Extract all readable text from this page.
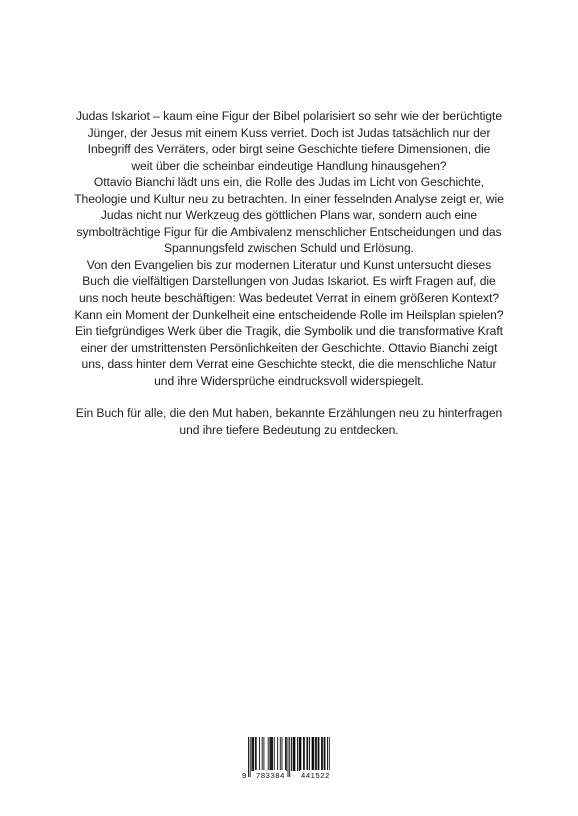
Judas Iskariot – kaum eine Figur der Bibel polarisiert so sehr wie der berüchtigte
Jünger, der Jesus mit einem Kuss verriet. Doch ist Judas tatsächlich nur der
Inbegriff des Verräters, oder birgt seine Geschichte tiefere Dimensionen, die
weit über die scheinbar eindeutige Handlung hinausgehen?
Ottavio Bianchi lädt uns ein, die Rolle des Judas im Licht von Geschichte,
Theologie und Kultur neu zu betrachten. In einer fesselnden Analyse zeigt er, wie
Judas nicht nur Werkzeug des göttlichen Plans war, sondern auch eine
symbolträchtige Figur für die Ambivalenz menschlicher Entscheidungen und das
Spannungsfeld zwischen Schuld und Erlösung.
Von den Evangelien bis zur modernen Literatur und Kunst untersucht dieses
Buch die vielfältigen Darstellungen von Judas Iskariot. Es wirft Fragen auf, die
uns noch heute beschäftigen: Was bedeutet Verrat in einem größeren Kontext?
Kann ein Moment der Dunkelheit eine entscheidende Rolle im Heilsplan spielen?
Ein tiefgründiges Werk über die Tragik, die Symbolik und die transformative Kraft
einer der umstrittensten Persönlichkeiten der Geschichte. Ottavio Bianchi zeigt
uns, dass hinter dem Verrat eine Geschichte steckt, die die menschliche Natur
und ihre Widersprüche eindrucksvoll widerspiegelt.
Ein Buch für alle, die den Mut haben, bekannte Erzählungen neu zu hinterfragen
und ihre tiefere Bedeutung zu entdecken.
9 783384 441522
